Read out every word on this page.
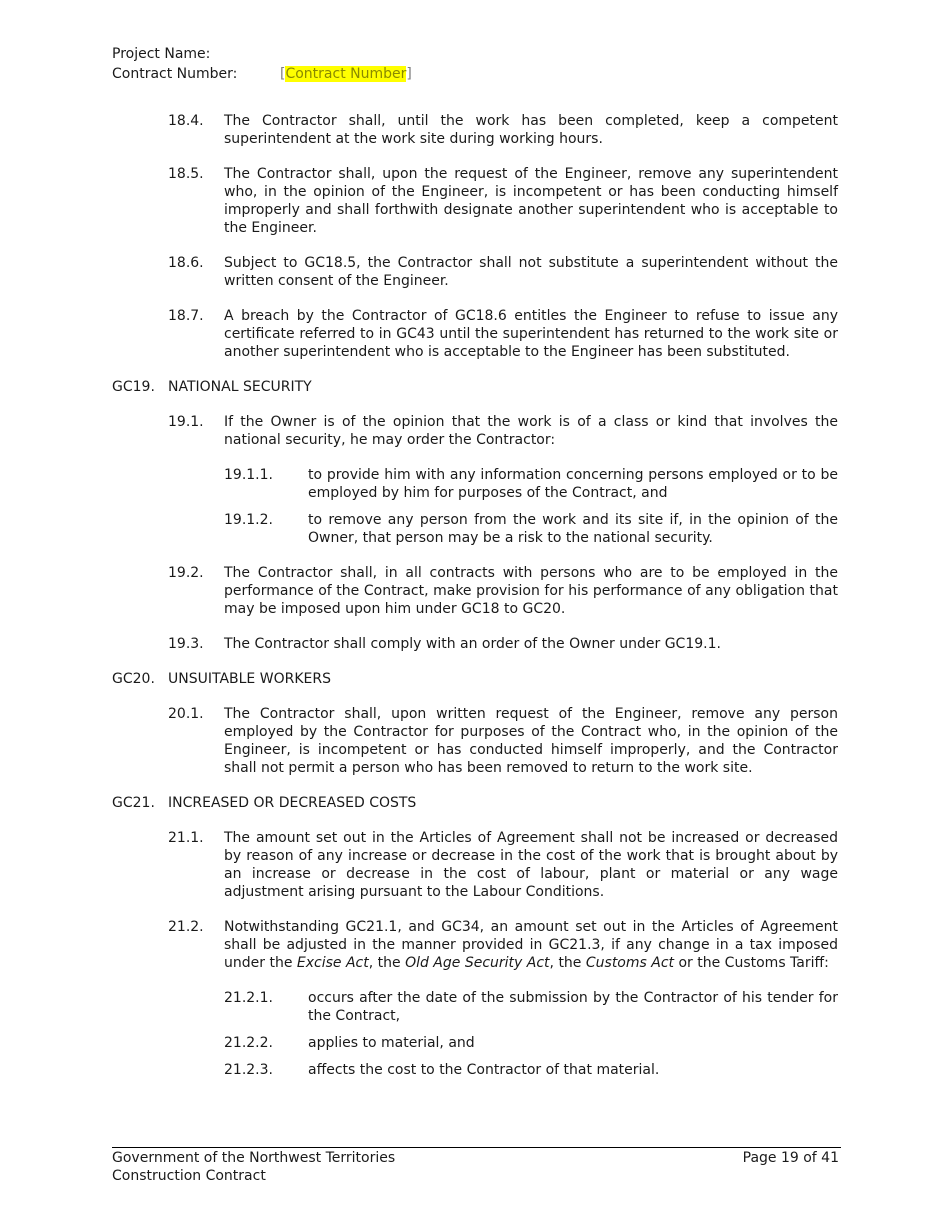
Project Name:
Contract Number:	[Contract Number]
18.4.	The Contractor shall, until the work has been completed, keep a competent superintendent at the work site during working hours.
18.5.	The Contractor shall, upon the request of the Engineer, remove any superintendent who, in the opinion of the Engineer, is incompetent or has been conducting himself improperly and shall forthwith designate another superintendent who is acceptable to the Engineer.
18.6.	Subject to GC18.5, the Contractor shall not substitute a superintendent without the written consent of the Engineer.
18.7.	A breach by the Contractor of GC18.6 entitles the Engineer to refuse to issue any certificate referred to in GC43 until the superintendent has returned to the work site or another superintendent who is acceptable to the Engineer has been substituted.
GC19. NATIONAL SECURITY
19.1.	If the Owner is of the opinion that the work is of a class or kind that involves the national security, he may order the Contractor:
19.1.1.	to provide him with any information concerning persons employed or to be employed by him for purposes of the Contract, and
19.1.2.	to remove any person from the work and its site if, in the opinion of the Owner, that person may be a risk to the national security.
19.2.	The Contractor shall, in all contracts with persons who are to be employed in the performance of the Contract, make provision for his performance of any obligation that may be imposed upon him under GC18 to GC20.
19.3.	The Contractor shall comply with an order of the Owner under GC19.1.
GC20. UNSUITABLE WORKERS
20.1.	The Contractor shall, upon written request of the Engineer, remove any person employed by the Contractor for purposes of the Contract who, in the opinion of the Engineer, is incompetent or has conducted himself improperly, and the Contractor shall not permit a person who has been removed to return to the work site.
GC21. INCREASED OR DECREASED COSTS
21.1.	The amount set out in the Articles of Agreement shall not be increased or decreased by reason of any increase or decrease in the cost of the work that is brought about by an increase or decrease in the cost of labour, plant or material or any wage adjustment arising pursuant to the Labour Conditions.
21.2.	Notwithstanding GC21.1, and GC34, an amount set out in the Articles of Agreement shall be adjusted in the manner provided in GC21.3, if any change in a tax imposed under the Excise Act, the Old Age Security Act, the Customs Act or the Customs Tariff:
21.2.1.	occurs after the date of the submission by the Contractor of his tender for the Contract,
21.2.2.	applies to material, and
21.2.3.	affects the cost to the Contractor of that material.
Government of the Northwest Territories
Construction Contract
Page 19 of 41
